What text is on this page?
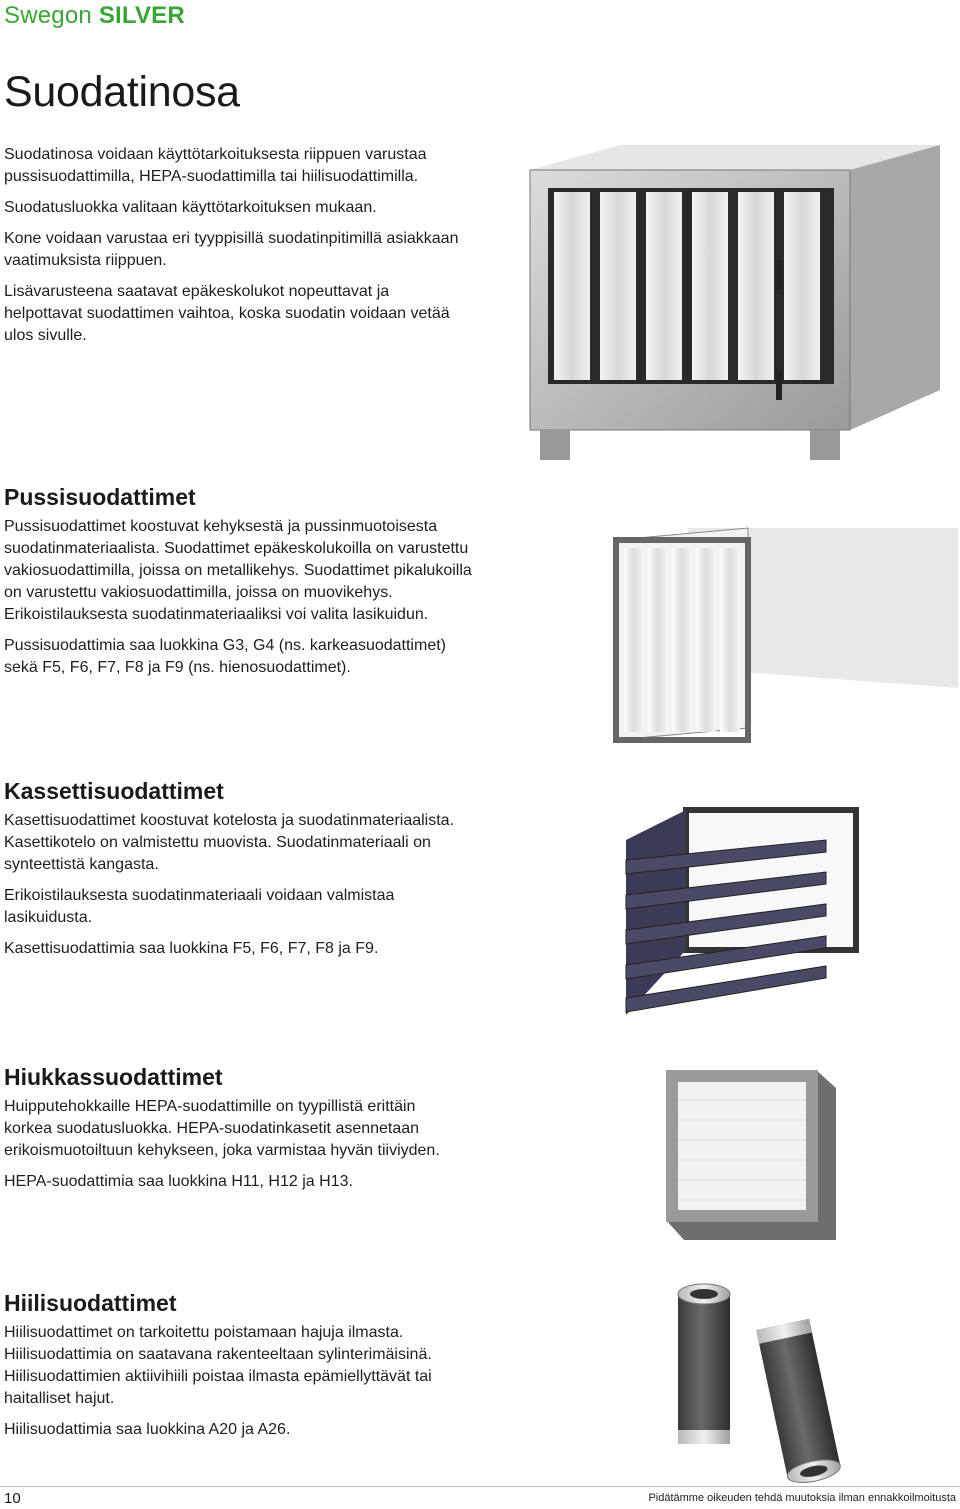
Swegon SILVER
Suodatinosa

Suodatinosa voidaan käyttötarkoituksesta riippuen varustaa pussisuodattimilla, HEPA-suodattimilla tai hiilisuodattimilla.

Suodatusluokka valitaan käyttötarkoituksen mukaan.

Kone voidaan varustaa eri tyyppisillä suodatinpitimillä asiakkaan vaatimuksista riippuen.

Lisävarusteena saatavat epäkeskolukot nopeuttavat ja helpottavat suodattimen vaihtoa, koska suodatin voidaan vetää ulos sivulle.

Pussisuodattimet

Pussisuodattimet koostuvat kehyksestä ja pussinmuotoisesta suodatinmateriaalista. Suodattimet epäkeskolukoilla on varustettu vakiosuodattimilla, joissa on metallikehys. Suodattimet pikalukoilla on varustettu vakiosuodattimilla, joissa on muovikehys. Erikoistilauksesta suodatinmateriaaliksi voi valita lasikuidun.

Pussisuodattimia saa luokkina G3, G4 (ns. karkeasuodattimet) sekä F5, F6, F7, F8 ja F9 (ns. hienosuodattimet).

Kassettisuodattimet

Kasettisuodattimet koostuvat kotelosta ja suodatinmateriaalista. Kasettikotelo on valmistettu muovista. Suodatinmateriaali on synteettistä kangasta.

Erikoistilauksesta suodatinmateriaali voidaan valmistaa lasikuidusta.

Kasettisuodattimia saa luokkina F5, F6, F7, F8 ja F9.

Hiukkassuodattimet

Huipputehokkaille HEPA-suodattimille on tyypillistä erittäin korkea suodatusluokka. HEPA-suodatinkasetit asennetaan erikoismuotoiltuun kehykseen, joka varmistaa hyvän tiiviyden.

HEPA-suodattimia saa luokkina H11, H12 ja H13.

Hiilisuodattimet

Hiilisuodattimet on tarkoitettu poistamaan hajuja ilmasta. Hiilisuodattimia on saatavana rakenteeltaan sylinterimäisinä. Hiilisuodattimien aktiivihiili poistaa ilmasta epämiellyttävät tai haitalliset hajut.

Hiilisuodattimia saa luokkina A20 ja A26.

10	Pidätämme oikeuden tehdä muutoksia ilman ennakkoilmoitusta
